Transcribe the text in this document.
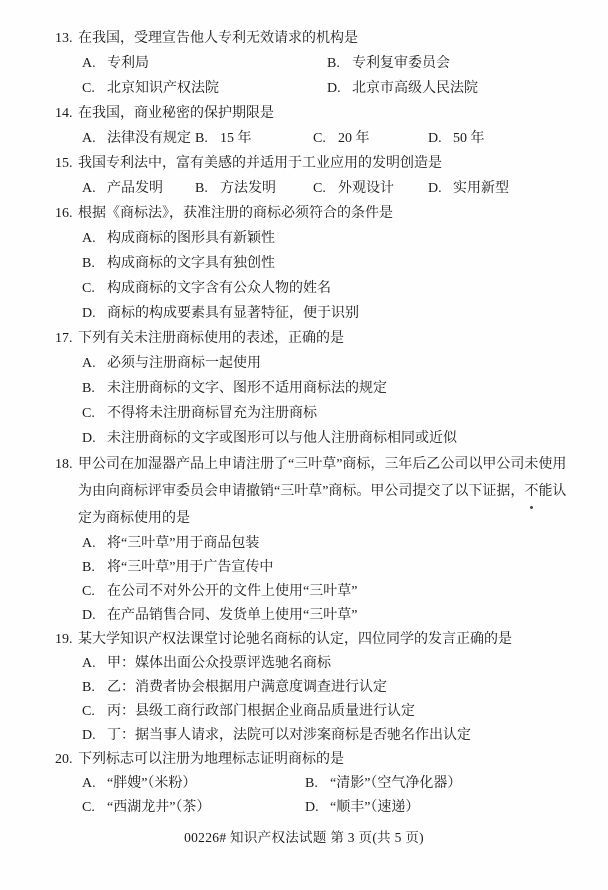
13. 在我国，受理宣告他人专利无效请求的机构是
A. 专利局	B. 专利复审委员会
C. 北京知识产权法院	D. 北京市高级人民法院
14. 在我国，商业秘密的保护期限是
A. 法律没有规定 B. 15 年	C. 20 年	D. 50 年
15. 我国专利法中，富有美感的并适用于工业应用的发明创造是
A. 产品发明 B. 方法发明	C. 外观设计 D. 实用新型
16. 根据《商标法》，获准注册的商标必须符合的条件是
A. 构成商标的图形具有新颖性
B. 构成商标的文字具有独创性
C. 构成商标的文字含有公众人物的姓名
D. 商标的构成要素具有显著特征，便于识别
17. 下列有关未注册商标使用的表述，正确的是
A. 必须与注册商标一起使用
B. 未注册商标的文字、图形不适用商标法的规定
C. 不得将未注册商标冒充为注册商标
D. 未注册商标的文字或图形可以与他人注册商标相同或近似
18. 甲公司在加湿器产品上申请注册了“三叶草”商标，三年后乙公司以甲公司未使用
为由向商标评审委员会申请撤销“三叶草”商标。甲公司提交了以下证据，不能认
定为商标使用的是
A. 将“三叶草”用于商品包装
B. 将“三叶草”用于广告宣传中
C. 在公司不对外公开的文件上使用“三叶草”
D. 在产品销售合同、发货单上使用“三叶草”
19. 某大学知识产权法课堂讨论驰名商标的认定，四位同学的发言正确的是
A. 甲：媒体出面公众投票评选驰名商标
B. 乙：消费者协会根据用户满意度调查进行认定
C. 丙：县级工商行政部门根据企业商品质量进行认定
D. 丁：据当事人请求，法院可以对涉案商标是否驰名作出认定
20. 下列标志可以注册为地理标志证明商标的是
A. “胖嫂”（米粉）	B. “清影”（空气净化器）
C. “西湖龙井”（茶）	D. “顺丰”（速递）
00226# 知识产权法试题 第 3 页(共 5 页)
